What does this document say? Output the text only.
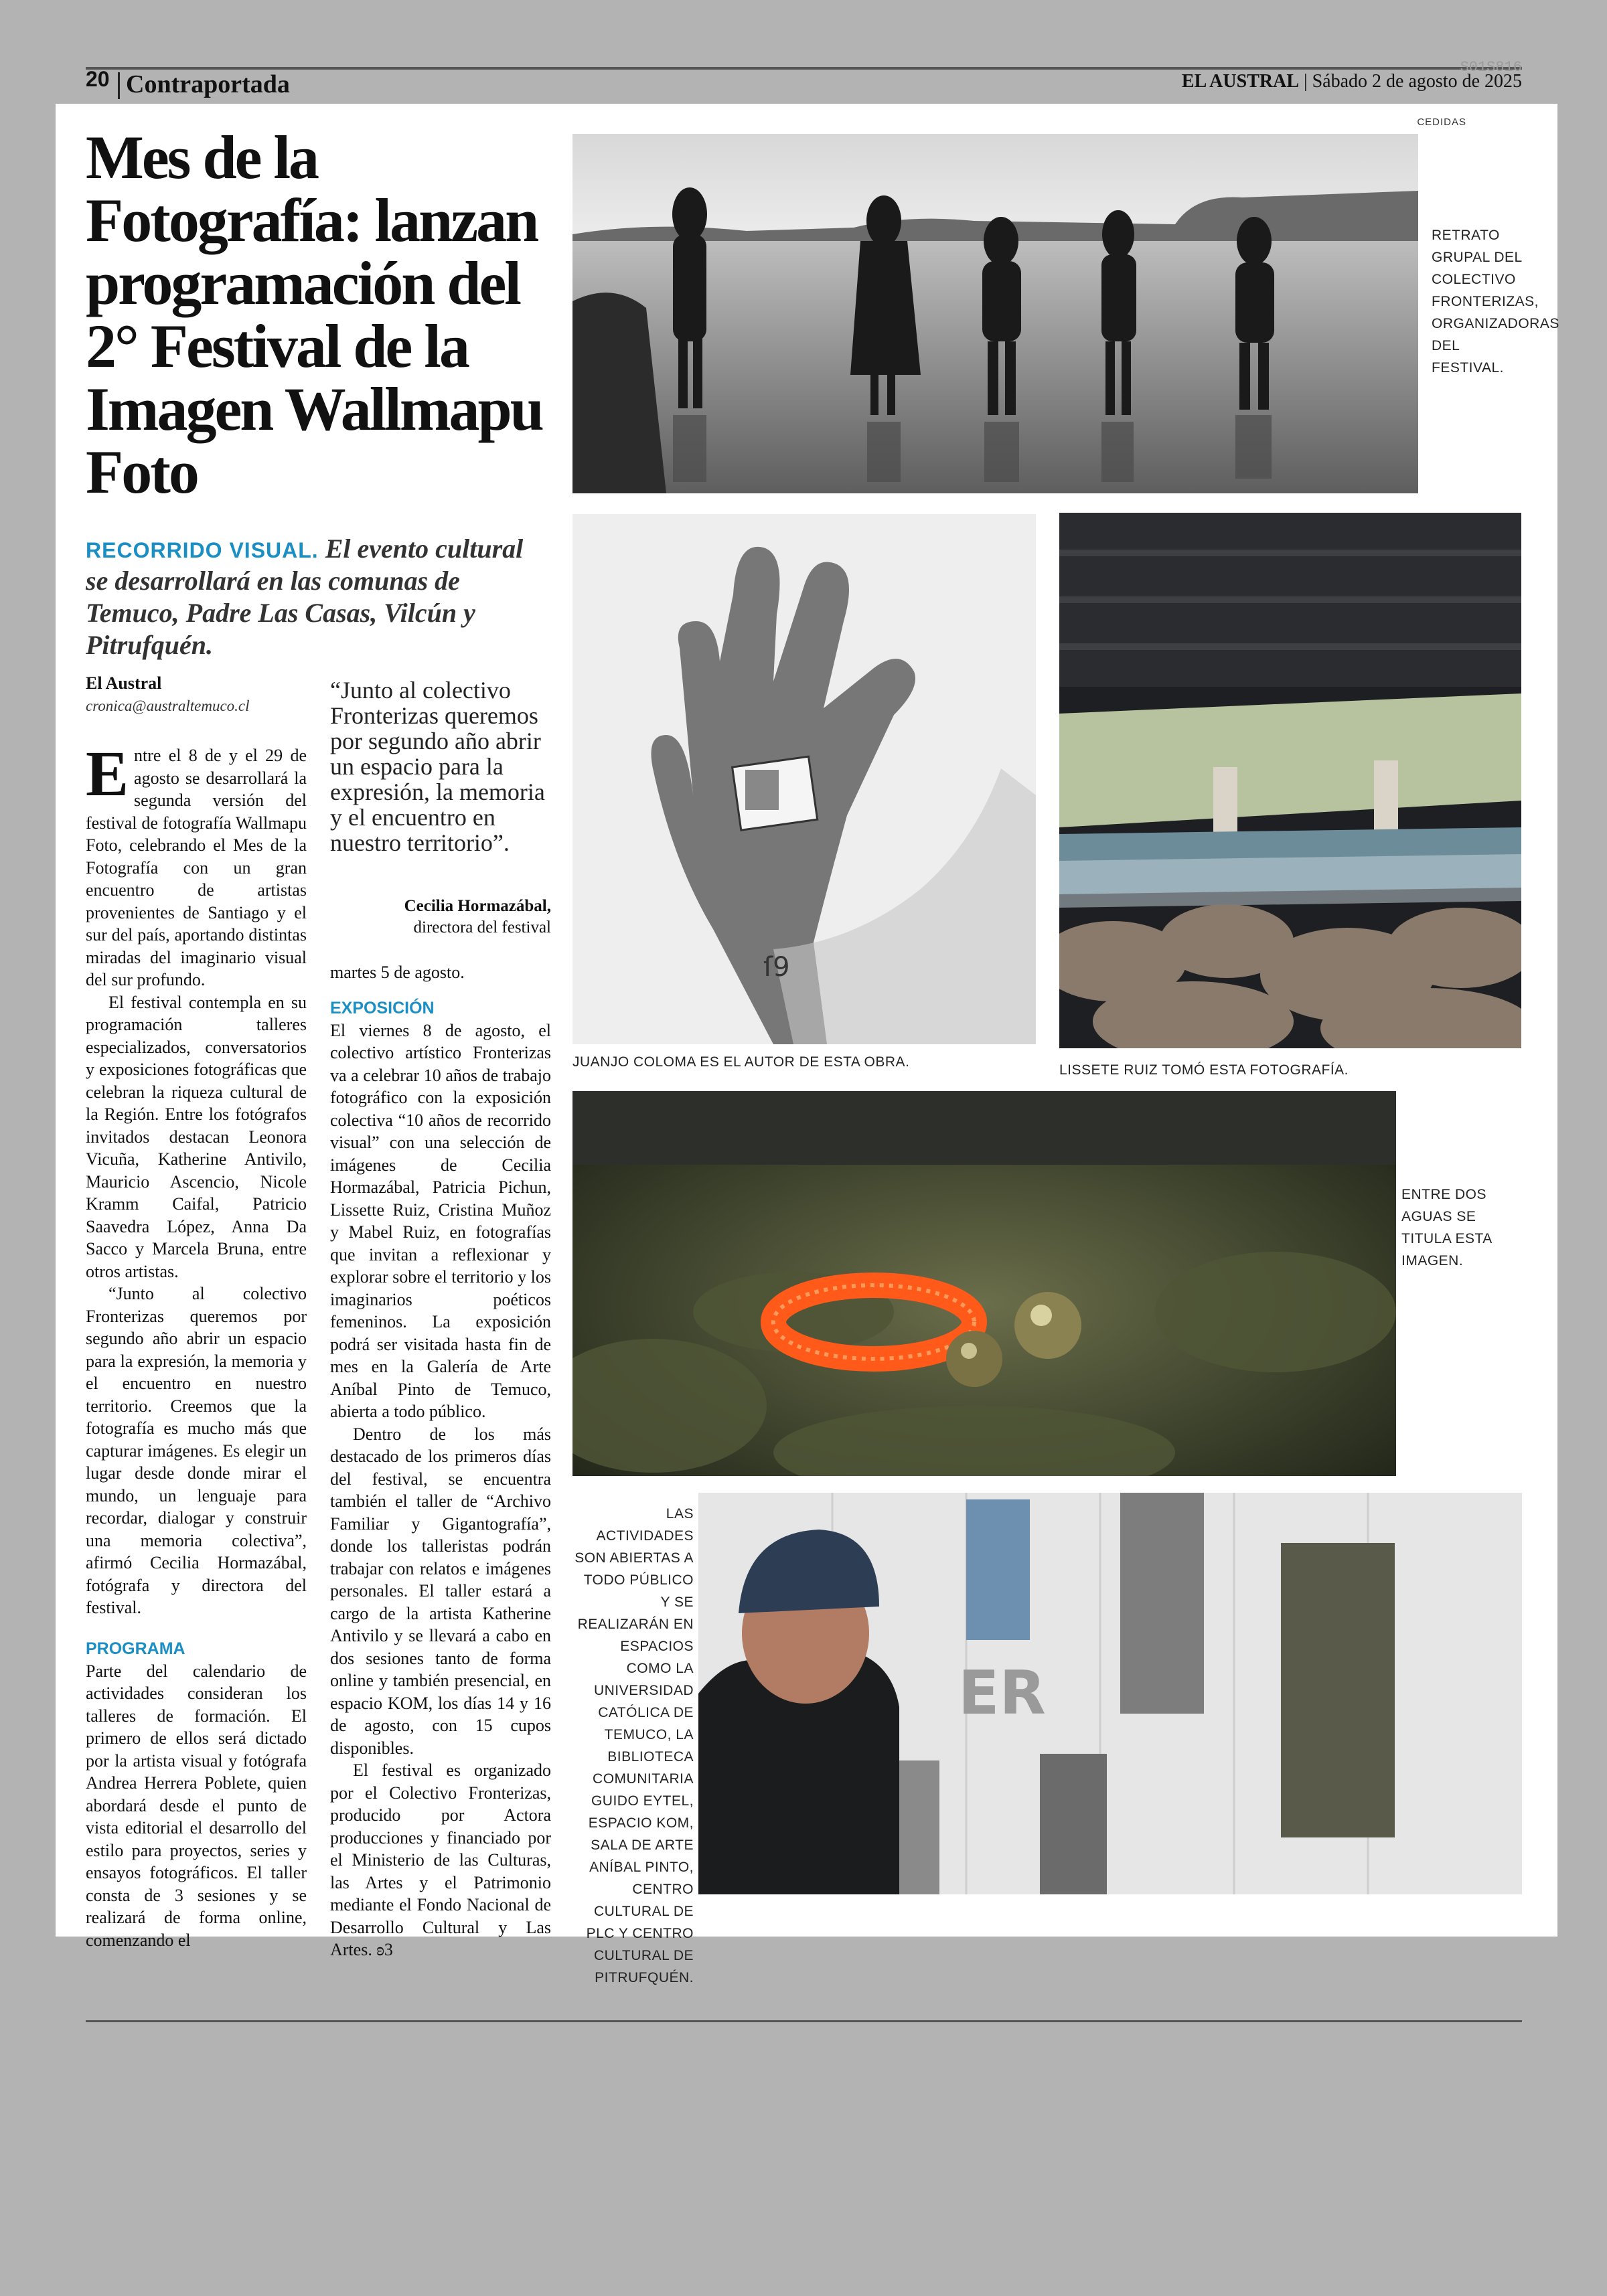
20 Contraportada
S01S816
EL AUSTRAL | Sábado 2 de agosto de 2025
Mes de la Fotografía: lanzan programación del 2° Festival de la Imagen Wallmapu Foto
RECORRIDO VISUAL. El evento cultural se desarrollará en las comunas de Temuco, Padre Las Casas, Vilcún y Pitrufquén.
El Austral
cronica@australtemuco.cl

Entre el 8 de y el 29 de agosto se desarrollará la segunda versión del festival de fotografía Wallmapu Foto, celebrando el Mes de la Fotografía con un gran encuentro de artistas provenientes de Santiago y el sur del país, aportando distintas miradas del imaginario visual del sur profundo.

El festival contempla en su programación talleres especializados, conversatorios y exposiciones fotográficas que celebran la riqueza cultural de la Región. Entre los fotógrafos invitados destacan Leonora Vicuña, Katherine Antivilo, Mauricio Ascencio, Nicole Kramm Caifal, Patricio Saavedra López, Anna Da Sacco y Marcela Bruna, entre otros artistas.

“Junto al colectivo Fronterizas queremos por segundo año abrir un espacio para la expresión, la memoria y el encuentro en nuestro territorio. Creemos que la fotografía es mucho más que capturar imágenes. Es elegir un lugar desde donde mirar el mundo, un lenguaje para recordar, dialogar y construir una memoria colectiva”, afirmó Cecilia Hormazábal, fotógrafa y directora del festival.

PROGRAMA

Parte del calendario de actividades consideran los talleres de formación. El primero de ellos será dictado por la artista visual y fotógrafa Andrea Herrera Poblete, quien abordará desde el punto de vista editorial el desarrollo del estilo para proyectos, series y ensayos fotográficos. El taller consta de 3 sesiones y se realizará de forma online, comenzando el

“Junto al colectivo Fronterizas queremos por segundo año abrir un espacio para la expresión, la memoria y el encuentro en nuestro territorio”.
Cecilia Hormazábal,
directora del festival

martes 5 de agosto.

EXPOSICIÓN

El viernes 8 de agosto, el colectivo artístico Fronterizas va a celebrar 10 años de trabajo fotográfico con la exposición colectiva “10 años de recorrido visual” con una selección de imágenes de Cecilia Hormazábal, Patricia Pichun, Lissette Ruiz, Cristina Muñoz y Mabel Ruiz, en fotografías que invitan a reflexionar y explorar sobre el territorio y los imaginarios poéticos femeninos. La exposición podrá ser visitada hasta fin de mes en la Galería de Arte Aníbal Pinto de Temuco, abierta a todo público.

Dentro de los más destacado de los primeros días del festival, se encuentra también el taller de “Archivo Familiar y Gigantografía”, donde los talleristas podrán trabajar con relatos e imágenes personales. El taller estará a cargo de la artista Katherine Antivilo y se llevará a cabo en dos sesiones tanto de forma online y también presencial, en espacio KOM, los días 14 y 16 de agosto, con 15 cupos disponibles.

El festival es organizado por el Colectivo Fronterizas, producido por Actora producciones y financiado por el Ministerio de las Culturas, las Artes y el Patrimonio mediante el Fondo Nacional de Desarrollo Cultural y Las Artes. ʚ3

CEDIDAS
RETRATO GRUPAL DEL COLECTIVO FRONTERIZAS, ORGANIZADORAS DEL FESTIVAL.
ſ9
JUANJO COLOMA ES EL AUTOR DE ESTA OBRA.
LISSETE RUIZ TOMÓ ESTA FOTOGRAFÍA.
ENTRE DOS AGUAS SE TITULA ESTA IMAGEN.
LAS ACTIVIDADES SON ABIERTAS A TODO PÚBLICO Y SE REALIZARÁN EN ESPACIOS COMO LA UNIVERSIDAD CATÓLICA DE TEMUCO, LA BIBLIOTECA COMUNITARIA GUIDO EYTEL, ESPACIO KOM, SALA DE ARTE ANÍBAL PINTO, CENTRO CULTURAL DE PLC Y CENTRO CULTURAL DE PITRUFQUÉN.
ER
